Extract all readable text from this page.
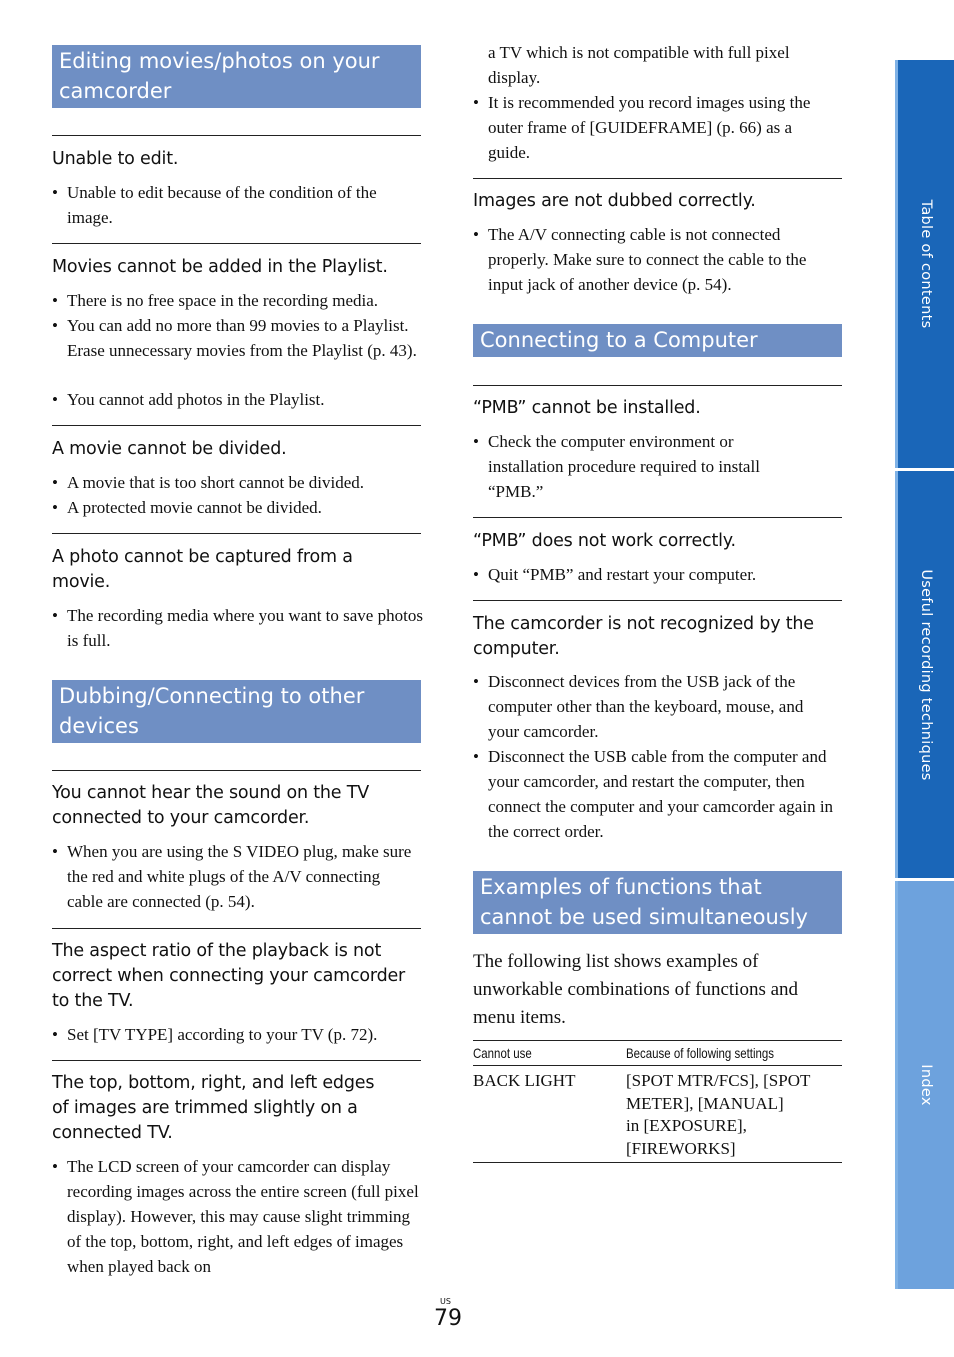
Editing movies/photos on your camcorder
Unable to edit.
• Unable to edit because of the condition of the image.
Movies cannot be added in the Playlist.
• There is no free space in the recording media.
• You can add no more than 99 movies to a Playlist. Erase unnecessary movies from the Playlist (p. 43).
• You cannot add photos in the Playlist.
A movie cannot be divided.
• A movie that is too short cannot be divided.
• A protected movie cannot be divided.
A photo cannot be captured from a movie.
• The recording media where you want to save photos is full.
Dubbing/Connecting to other devices
You cannot hear the sound on the TV connected to your camcorder.
• When you are using the S VIDEO plug, make sure the red and white plugs of the A/V connecting cable are connected (p. 54).
The aspect ratio of the playback is not correct when connecting your camcorder to the TV.
• Set [TV TYPE] according to your TV (p. 72).
The top, bottom, right, and left edges of images are trimmed slightly on a connected TV.
• The LCD screen of your camcorder can display recording images across the entire screen (full pixel display). However, this may cause slight trimming of the top, bottom, right, and left edges of images when played back on
a TV which is not compatible with full pixel display.
• It is recommended you record images using the outer frame of [GUIDEFRAME] (p. 66) as a guide.
Images are not dubbed correctly.
• The A/V connecting cable is not connected properly. Make sure to connect the cable to the input jack of another device (p. 54).
Connecting to a Computer
“PMB” cannot be installed.
• Check the computer environment or installation procedure required to install “PMB.”
“PMB” does not work correctly.
• Quit “PMB” and restart your computer.
The camcorder is not recognized by the computer.
• Disconnect devices from the USB jack of the computer other than the keyboard, mouse, and your camcorder.
• Disconnect the USB cable from the computer and your camcorder, and restart the computer, then connect the computer and your camcorder again in the correct order.
Examples of functions that cannot be used simultaneously
The following list shows examples of unworkable combinations of functions and menu items.
Cannot use	Because of following settings
BACK LIGHT	[SPOT MTR/FCS], [SPOT
METER], [MANUAL]
in [EXPOSURE],
[FIREWORKS]
Table of contents
Useful recording techniques
Index
US
79
